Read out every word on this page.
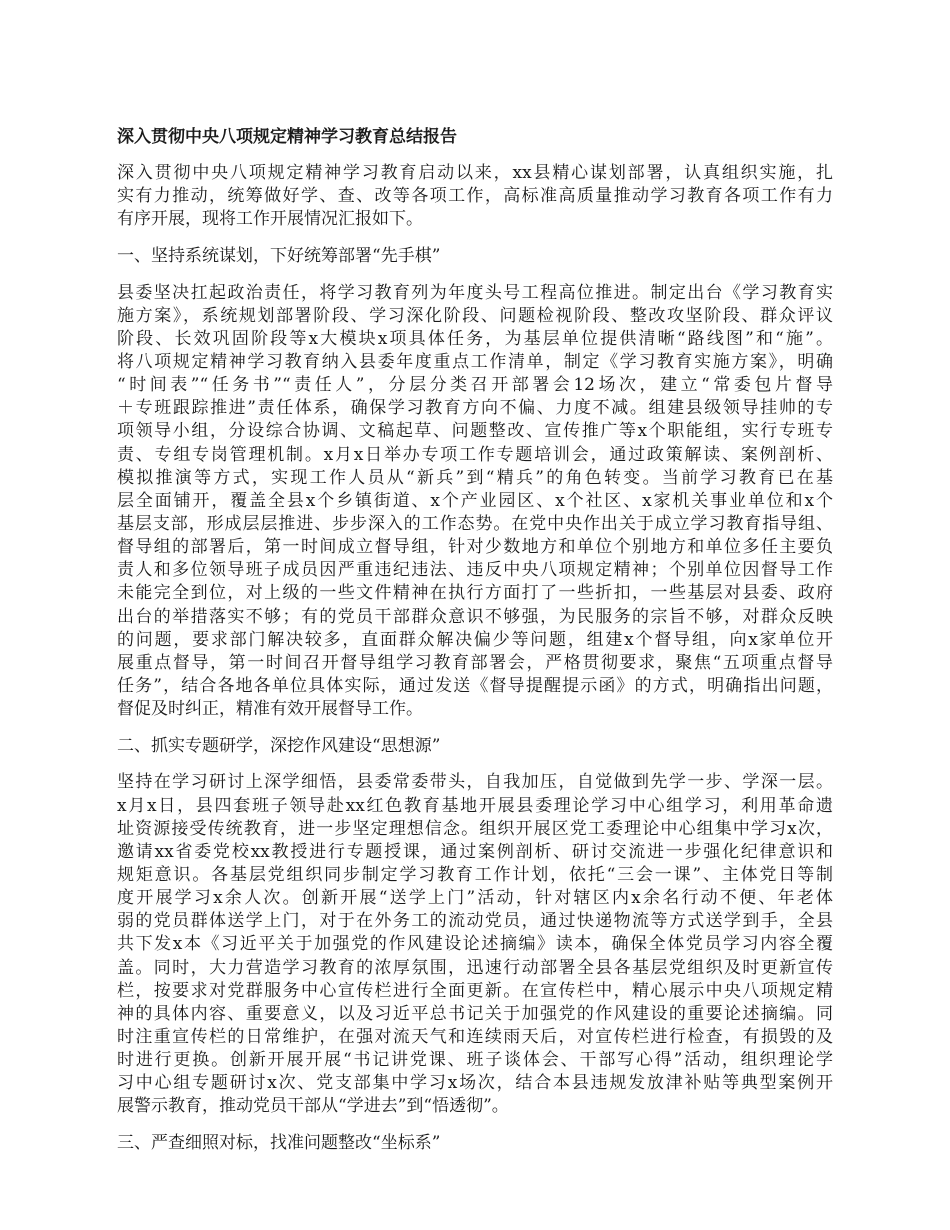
深入贯彻中央八项规定精神学习教育总结报告
深入贯彻中央八项规定精神学习教育启动以来，xx县精心谋划部署，认真组织实施，扎
实有力推动，统筹做好学、查、改等各项工作，高标准高质量推动学习教育各项工作有力
有序开展，现将工作开展情况汇报如下。
一、坚持系统谋划，下好统筹部署“先手棋”
县委坚决扛起政治责任，将学习教育列为年度头号工程高位推进。制定出台《学习教育实
施方案》，系统规划部署阶段、学习深化阶段、问题检视阶段、整改攻坚阶段、群众评议
阶段、长效巩固阶段等x大模块x项具体任务，为基层单位提供清晰“路线图”和“施”。
将八项规定精神学习教育纳入县委年度重点工作清单，制定《学习教育实施方案》，明确
“时间表”“任务书”“责任人”，分层分类召开部署会12场次，建立“常委包片督导
＋专班跟踪推进”责任体系，确保学习教育方向不偏、力度不减。组建县级领导挂帅的专
项领导小组，分设综合协调、文稿起草、问题整改、宣传推广等x个职能组，实行专班专
责、专组专岗管理机制。x月x日举办专项工作专题培训会，通过政策解读、案例剖析、
模拟推演等方式，实现工作人员从“新兵”到“精兵”的角色转变。当前学习教育已在基
层全面铺开，覆盖全县x个乡镇街道、x个产业园区、x个社区、x家机关事业单位和x个
基层支部，形成层层推进、步步深入的工作态势。在党中央作出关于成立学习教育指导组、
督导组的部署后，第一时间成立督导组，针对少数地方和单位个别地方和单位多任主要负
责人和多位领导班子成员因严重违纪违法、违反中央八项规定精神；个别单位因督导工作
未能完全到位，对上级的一些文件精神在执行方面打了一些折扣，一些基层对县委、政府
出台的举措落实不够；有的党员干部群众意识不够强，为民服务的宗旨不够，对群众反映
的问题，要求部门解决较多，直面群众解决偏少等问题，组建x个督导组，向x家单位开
展重点督导，第一时间召开督导组学习教育部署会，严格贯彻要求，聚焦“五项重点督导
任务”，结合各地各单位具体实际，通过发送《督导提醒提示函》的方式，明确指出问题，
督促及时纠正，精准有效开展督导工作。
二、抓实专题研学，深挖作风建设“思想源”
坚持在学习研讨上深学细悟，县委常委带头，自我加压，自觉做到先学一步、学深一层。
x月x日，县四套班子领导赴xx红色教育基地开展县委理论学习中心组学习，利用革命遗
址资源接受传统教育，进一步坚定理想信念。组织开展区党工委理论中心组集中学习x次，
邀请xx省委党校xx教授进行专题授课，通过案例剖析、研讨交流进一步强化纪律意识和
规矩意识。各基层党组织同步制定学习教育工作计划，依托“三会一课”、主体党日等制
度开展学习x余人次。创新开展“送学上门”活动，针对辖区内x余名行动不便、年老体
弱的党员群体送学上门，对于在外务工的流动党员，通过快递物流等方式送学到手，全县
共下发x本《习近平关于加强党的作风建设论述摘编》读本，确保全体党员学习内容全覆
盖。同时，大力营造学习教育的浓厚氛围，迅速行动部署全县各基层党组织及时更新宣传
栏，按要求对党群服务中心宣传栏进行全面更新。在宣传栏中，精心展示中央八项规定精
神的具体内容、重要意义，以及习近平总书记关于加强党的作风建设的重要论述摘编。同
时注重宣传栏的日常维护，在强对流天气和连续雨天后，对宣传栏进行检查，有损毁的及
时进行更换。创新开展开展“书记讲党课、班子谈体会、干部写心得”活动，组织理论学
习中心组专题研讨x次、党支部集中学习x场次，结合本县违规发放津补贴等典型案例开
展警示教育，推动党员干部从“学进去”到“悟透彻”。
三、严查细照对标，找准问题整改“坐标系”
